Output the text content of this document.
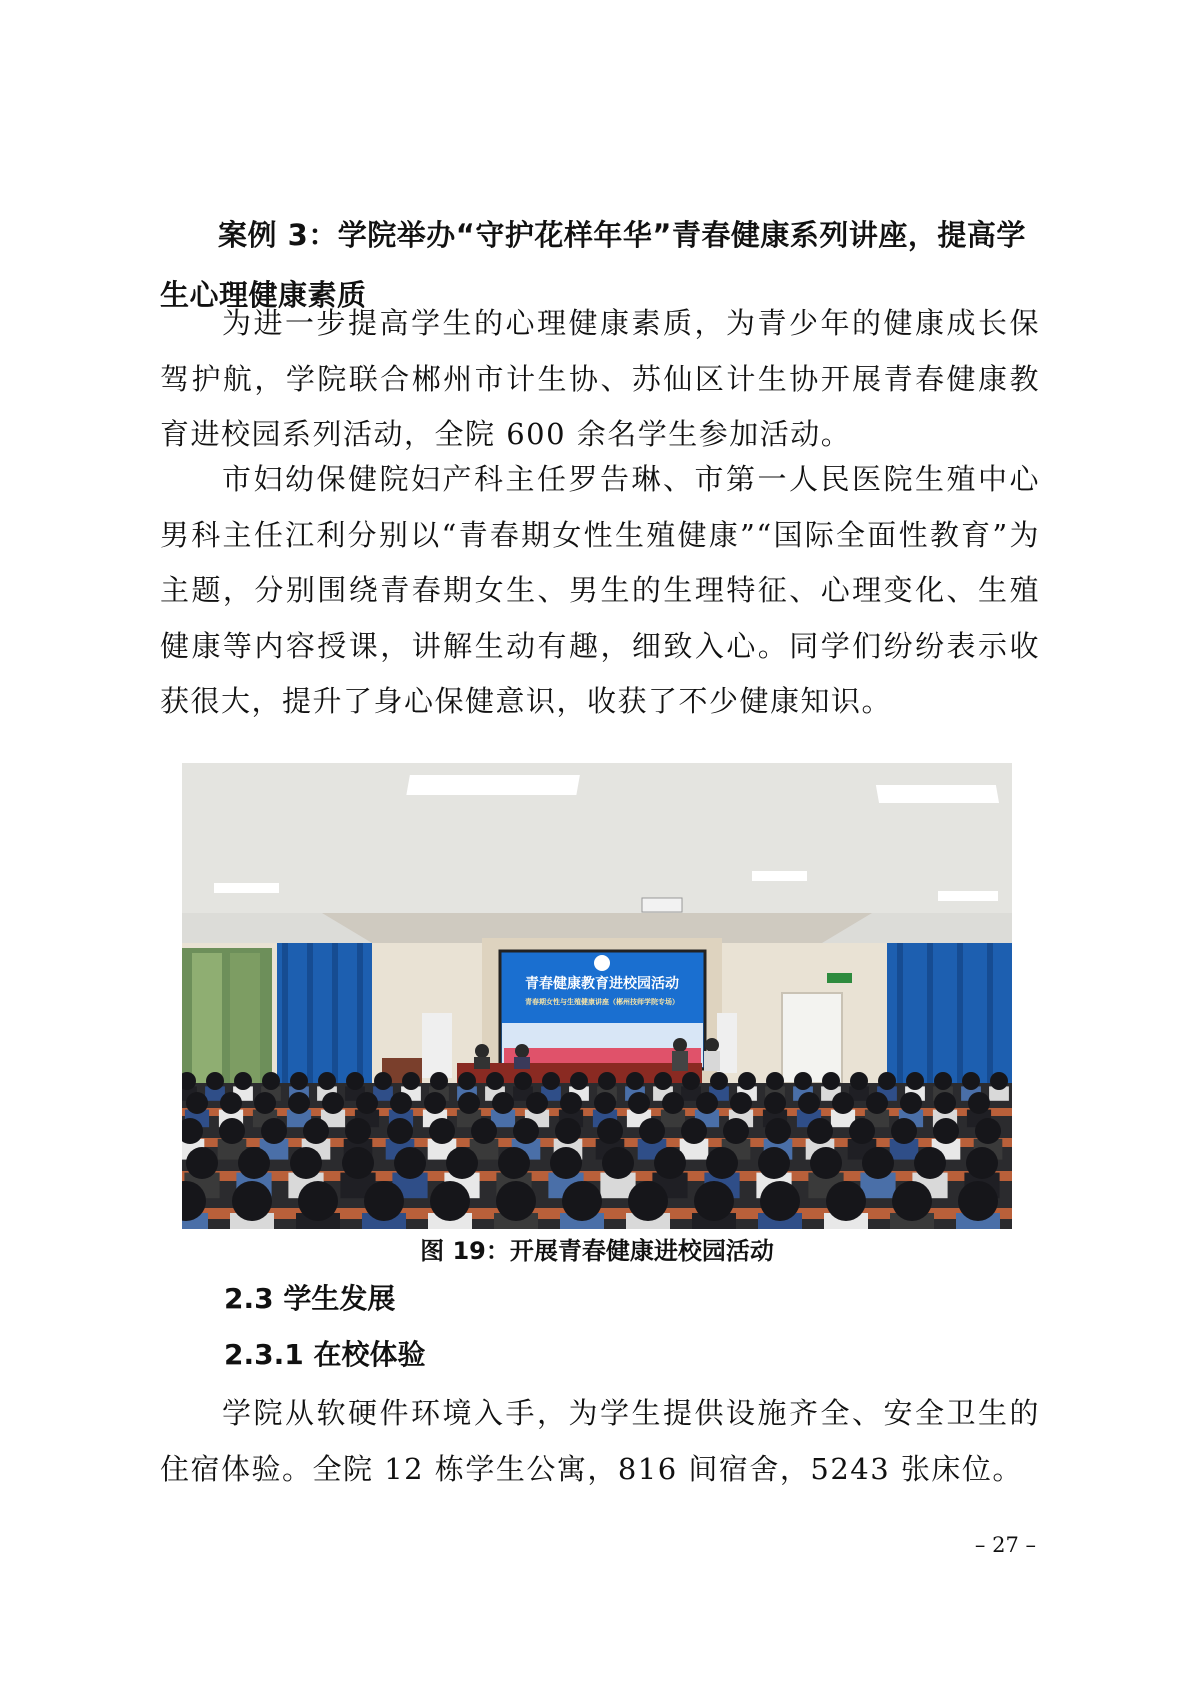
案例 3：学院举办“守护花样年华”青春健康系列讲座，提高学生心理健康素质

为进一步提高学生的心理健康素质，为青少年的健康成长保驾护航，学院联合郴州市计生协、苏仙区计生协开展青春健康教育进校园系列活动，全院 600 余名学生参加活动。

市妇幼保健院妇产科主任罗告琳、市第一人民医院生殖中心男科主任江利分别以“青春期女性生殖健康”“国际全面性教育”为主题，分别围绕青春期女生、男生的生理特征、心理变化、生殖健康等内容授课，讲解生动有趣，细致入心。同学们纷纷表示收获很大，提升了身心保健意识，收获了不少健康知识。

青春健康教育进校园活动
青春期女性与生殖健康讲座（郴州技师学院专场）

图 19：开展青春健康进校园活动

2.3 学生发展

2.3.1 在校体验

学院从软硬件环境入手，为学生提供设施齐全、安全卫生的住宿体验。全院 12 栋学生公寓，816 间宿舍，5243 张床位。

– 27 –
